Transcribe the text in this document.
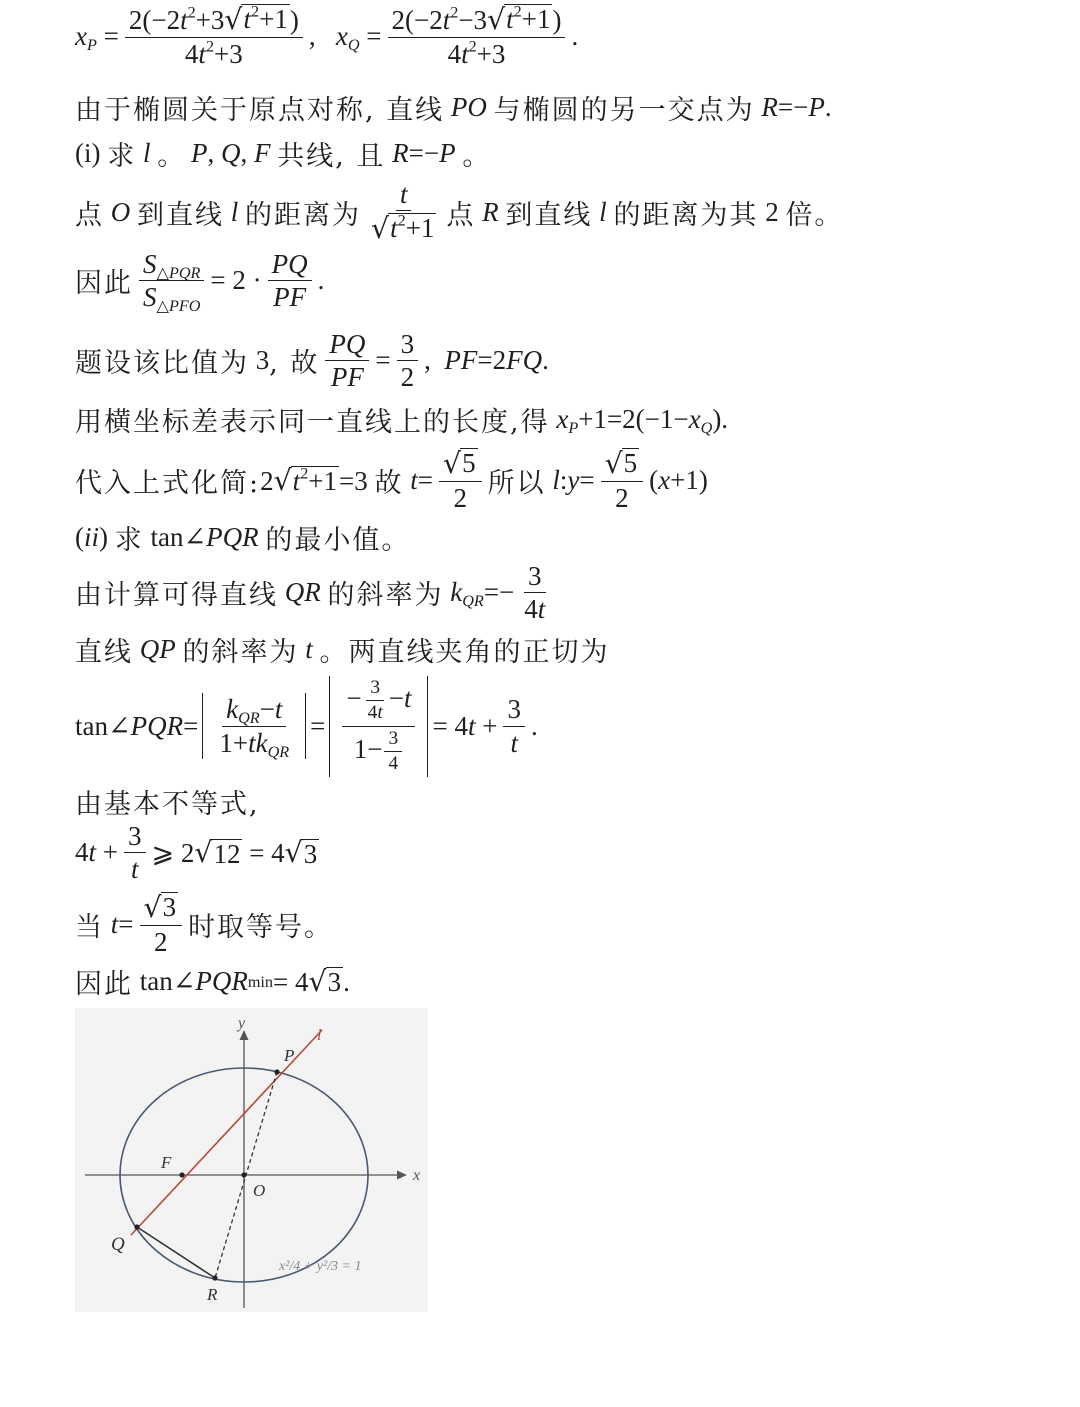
$x_P = \frac{2(-2t^2+3 √ t^2+1 )}{4t^2+3}$ , $x_Q = \frac{2(-2t^2-3 √ t^2+1 )}{4t^2+3}$ .
由于椭圆关于原点对称, 直线 PO 与椭圆的另一交点为 R =− P .
(i) 求 l 。 P , Q , F 共线, 且 R =− P 。
点 O 到直线 l 的距离为 $\frac{t}{√ t^2+1}$ 点 R 到直线 l 的距离为其 2 倍。
因此 $\frac{S_{\triangle PQR}}{S_{\triangle PFO}} = 2 \cdot \frac{PQ}{PF}$ .
题设该比值为 3 , 故 $\frac{PQ}{PF} = \frac{3}{2}$ , PF =2 FQ .
用横坐标差表示同一直线上的长度,得 $x_P +1=2(-1- x_Q$ ).
代入上式化简: 2 √ $t^2+1 =3$ 故 $t = \frac{√ 5}{2}$ 所以 l : $y = \frac{√ 5}{2}$ ( x +1)
( ii ) 求 tan∠ PQR 的最小值。
由计算可得直线 QR 的斜率为 $k_{QR} =- \frac{3}{4t}$
直线 QP 的斜率为 t 。两直线夹角的正切为
tan∠ PQR = $\frac{k_{QR}-t}{1+tk_{QR}} = \frac{- \frac{3}{4t} -t}{1- \frac{3}{4}} = 4t + \frac{3}{t}$ .
由基本不等式,
$4t + \frac{3}{t}$ ⩾ 2 √ 12 = 4 √ 3
当 $t = \frac{√ 3}{2}$ 时取等号。
因此 tan∠ PQR min = 4 √ 3 .
y
x
l
P
F
O
Q
R
x²/4 + y²/3 = 1
